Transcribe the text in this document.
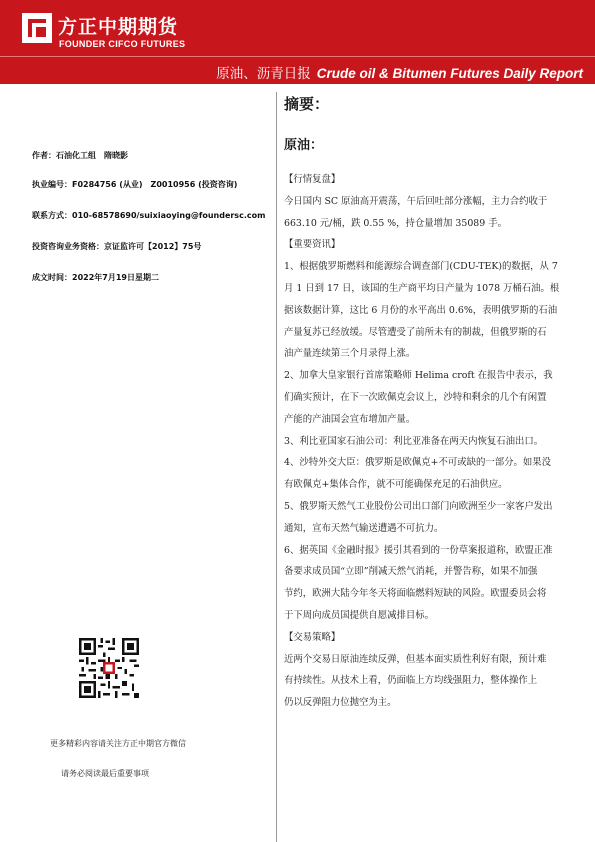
方正中期期货
FOUNDER CIFCO FUTURES
原油、沥青日报 Crude oil & Bitumen Futures Daily Report
作者：石油化工组　隋晓影
执业编号：F0284756 (从业)　Z0010956 (投资咨询)
联系方式：010-68578690/suixiaoying@foundersc.com
投资咨询业务资格：京证监许可【2012】75号
成文时间：2022年7月19日星期二
摘要：
原油：

【行情复盘】

今日国内 SC 原油高开震荡，午后回吐部分涨幅，主力合约收于

663.10 元/桶，跌 0.55 %，持仓量增加 35089 手。

【重要资讯】

1、根据俄罗斯燃料和能源综合调查部门(CDU-TEK)的数据，从 7

月 1 日到 17 日，该国的生产商平均日产量为 1078 万桶石油。根

据该数据计算，这比 6 月份的水平高出 0.6%，表明俄罗斯的石油

产量复苏已经放缓。尽管遭受了前所未有的制裁，但俄罗斯的石

油产量连续第三个月录得上涨。

2、加拿大皇家银行首席策略师 Helima croft 在报告中表示，我

们确实预计，在下一次欧佩克会议上，沙特和剩余的几个有闲置

产能的产油国会宣布增加产量。

3、利比亚国家石油公司：利比亚准备在两天内恢复石油出口。

4、沙特外交大臣：俄罗斯是欧佩克+不可或缺的一部分。如果没

有欧佩克+集体合作，就不可能确保充足的石油供应。

5、俄罗斯天然气工业股份公司出口部门向欧洲至少一家客户发出

通知，宣布天然气输送遭遇不可抗力。

6、据英国《金融时报》援引其看到的一份草案报道称，欧盟正准

备要求成员国“立即”削减天然气消耗，并警告称，如果不加强

节约，欧洲大陆今年冬天将面临燃料短缺的风险。欧盟委员会将

于下周向成员国提供自愿减排目标。

【交易策略】

近两个交易日原油连续反弹，但基本面实质性利好有限，预计难

有持续性。从技术上看，仍面临上方均线强阻力，整体操作上

仍以反弹阻力位抛空为主。

更多精彩内容请关注方正中期官方微信
请务必阅读最后重要事项
